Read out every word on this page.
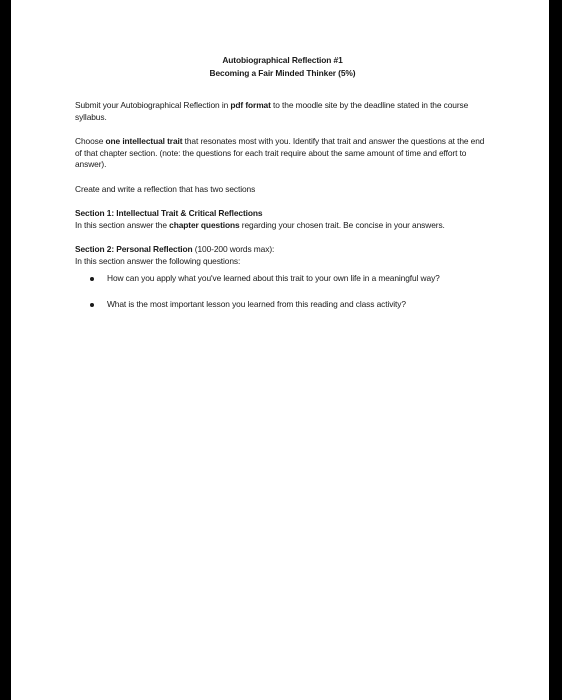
Autobiographical Reflection #1
Becoming a Fair Minded Thinker (5%)

Submit your Autobiographical Reflection in pdf format to the moodle site by the deadline stated in the course syllabus.

Choose one intellectual trait that resonates most with you. Identify that trait and answer the questions at the end of that chapter section. (note: the questions for each trait require about the same amount of time and effort to answer).

Create and write a reflection that has two sections

Section 1: Intellectual Trait & Critical Reflections
In this section answer the chapter questions regarding your chosen trait. Be concise in your answers.
Section 2: Personal Reflection (100-200 words max):
In this section answer the following questions:
How can you apply what you've learned about this trait to your own life in a meaningful way?
What is the most important lesson you learned from this reading and class activity?
